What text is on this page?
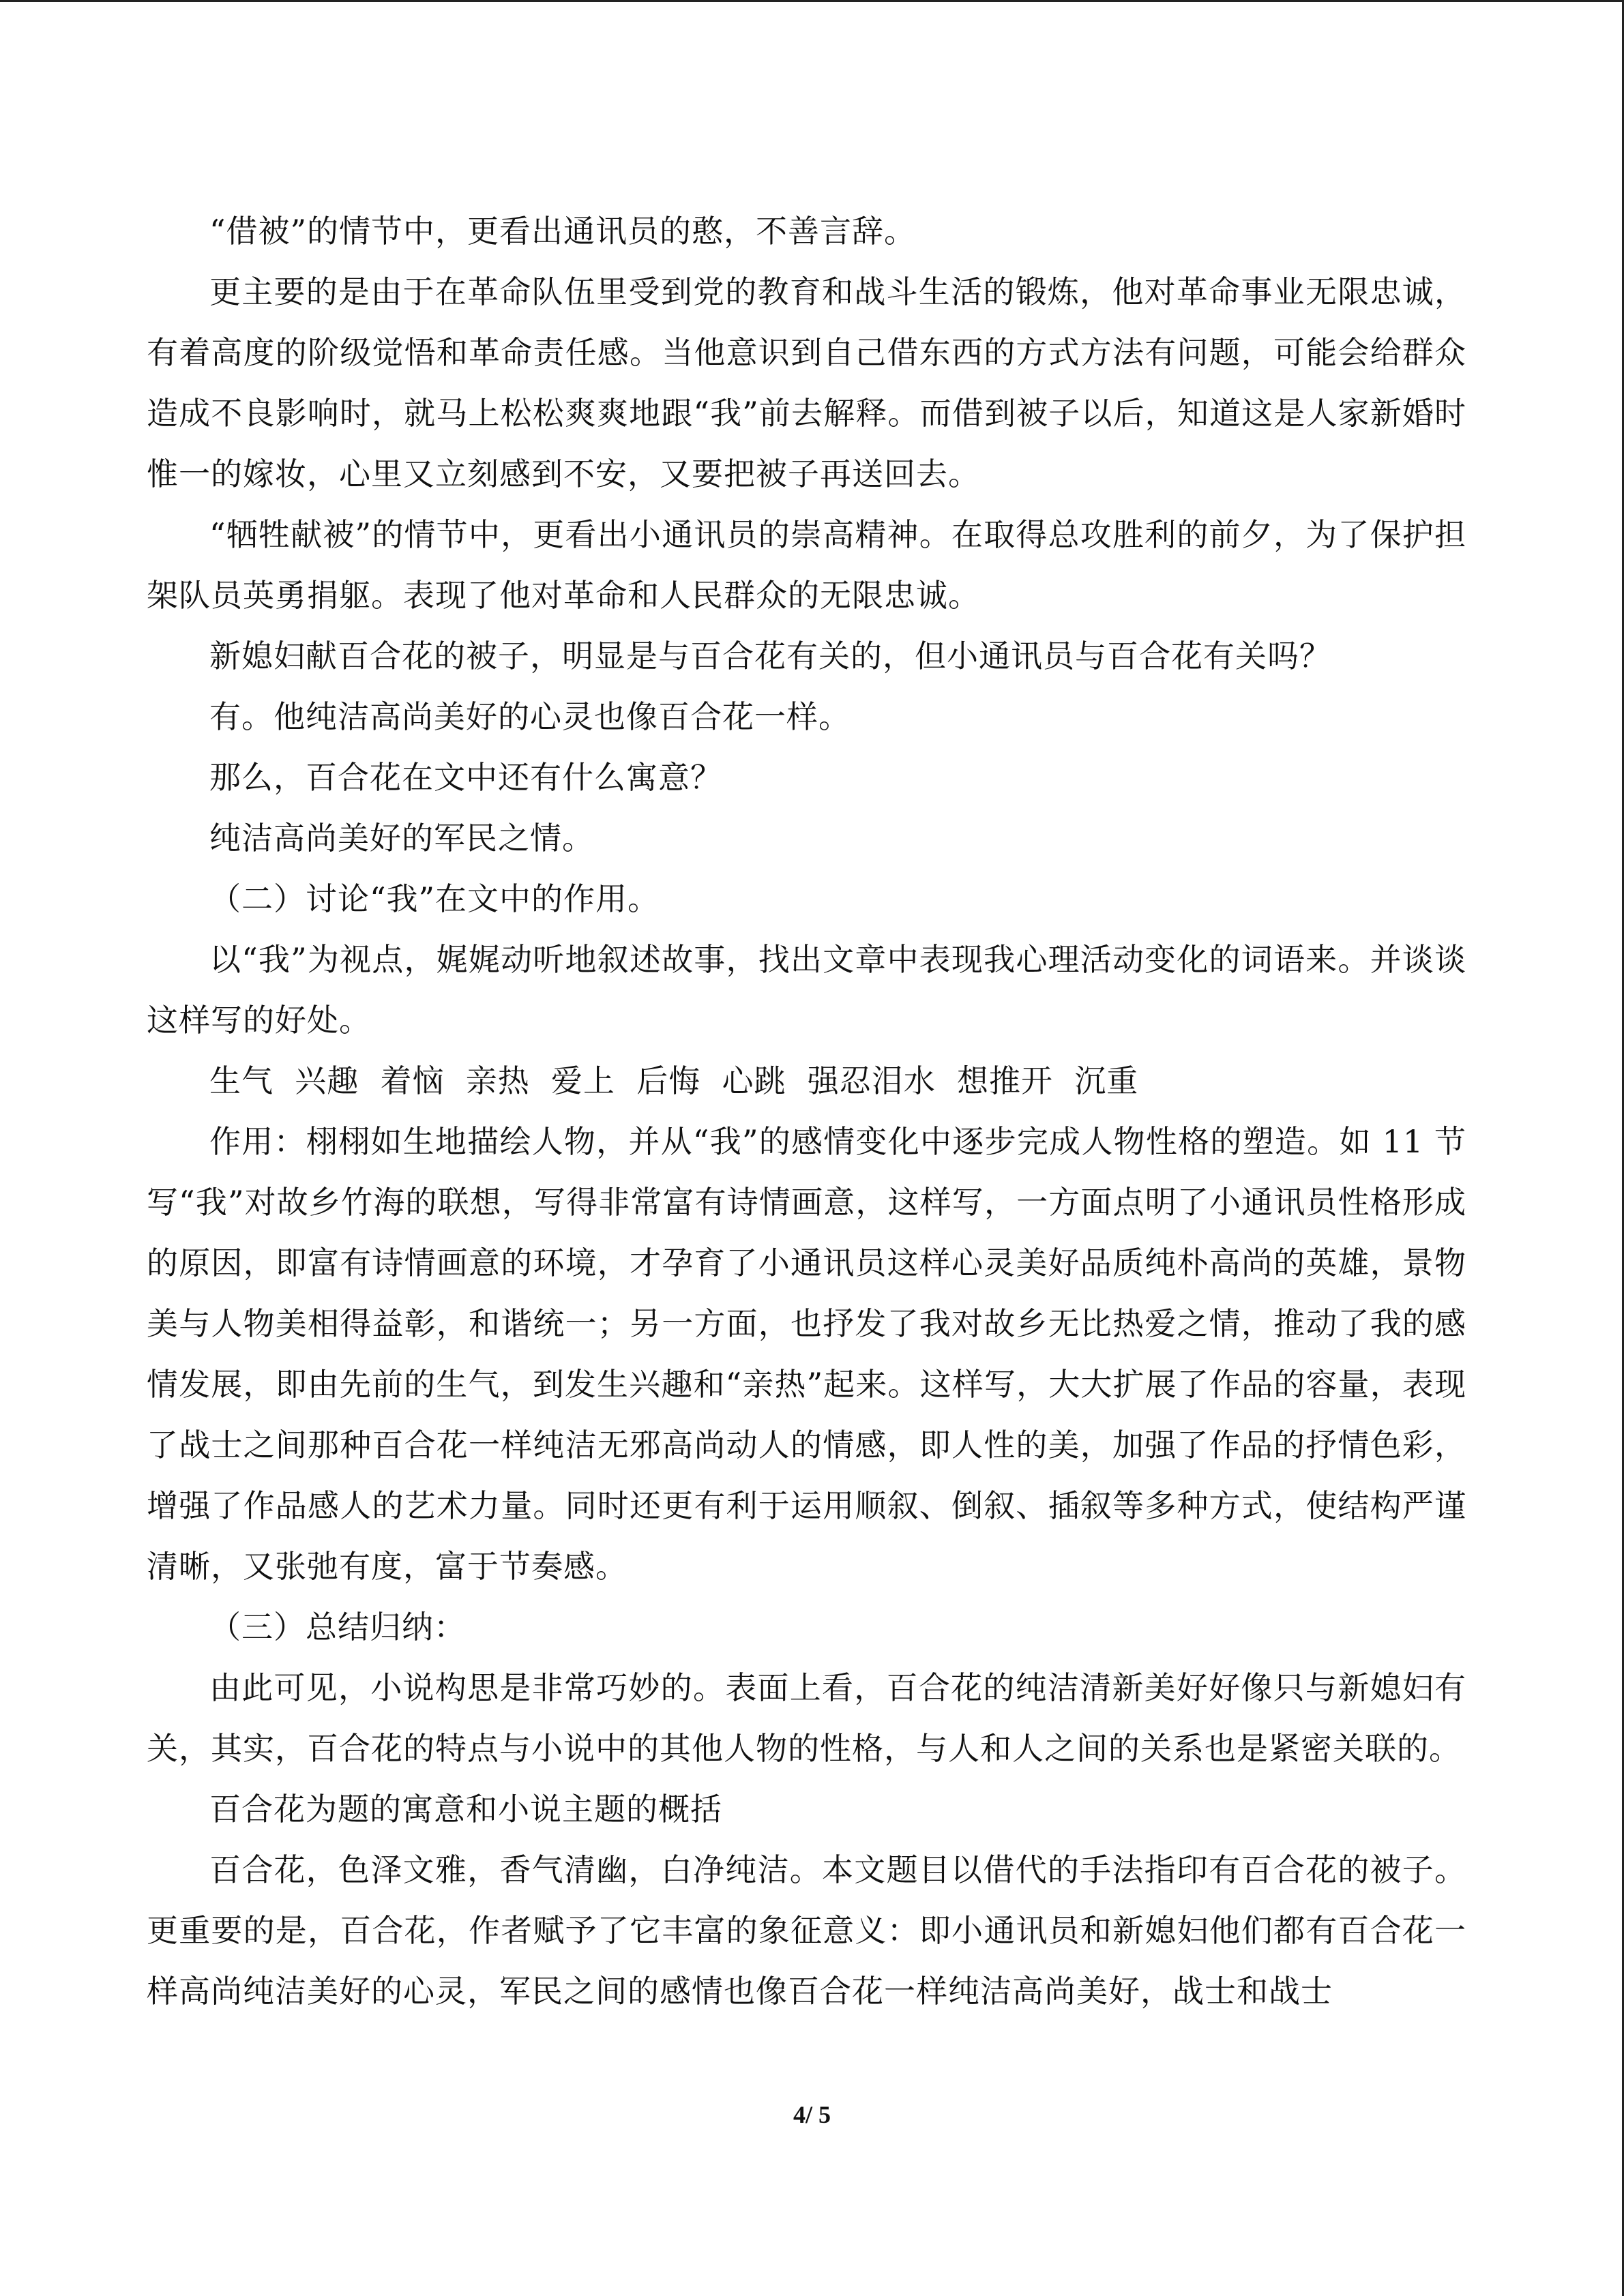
“借被”的情节中，更看出通讯员的憨，不善言辞。

更主要的是由于在革命队伍里受到党的教育和战斗生活的锻炼，他对革命事业无限忠诚，有着高度的阶级觉悟和革命责任感。当他意识到自己借东西的方式方法有问题，可能会给群众造成不良影响时，就马上松松爽爽地跟“我”前去解释。而借到被子以后，知道这是人家新婚时惟一的嫁妆，心里又立刻感到不安，又要把被子再送回去。

“牺牲献被”的情节中，更看出小通讯员的崇高精神。在取得总攻胜利的前夕，为了保护担架队员英勇捐躯。表现了他对革命和人民群众的无限忠诚。

新媳妇献百合花的被子，明显是与百合花有关的，但小通讯员与百合花有关吗？

有。他纯洁高尚美好的心灵也像百合花一样。

那么，百合花在文中还有什么寓意？

纯洁高尚美好的军民之情。

（二）讨论“我”在文中的作用。

以“我”为视点，娓娓动听地叙述故事，找出文章中表现我心理活动变化的词语来。并谈谈这样写的好处。

生气  兴趣  着恼  亲热  爱上  后悔  心跳  强忍泪水  想推开  沉重

作用：栩栩如生地描绘人物，并从“我”的感情变化中逐步完成人物性格的塑造。如 11 节写“我”对故乡竹海的联想，写得非常富有诗情画意，这样写，一方面点明了小通讯员性格形成的原因，即富有诗情画意的环境，才孕育了小通讯员这样心灵美好品质纯朴高尚的英雄，景物美与人物美相得益彰，和谐统一；另一方面，也抒发了我对故乡无比热爱之情，推动了我的感情发展，即由先前的生气，到发生兴趣和“亲热”起来。这样写，大大扩展了作品的容量，表现了战士之间那种百合花一样纯洁无邪高尚动人的情感，即人性的美，加强了作品的抒情色彩，增强了作品感人的艺术力量。同时还更有利于运用顺叙、倒叙、插叙等多种方式，使结构严谨清晰，又张弛有度，富于节奏感。

（三）总结归纳：

由此可见，小说构思是非常巧妙的。表面上看，百合花的纯洁清新美好好像只与新媳妇有关，其实，百合花的特点与小说中的其他人物的性格，与人和人之间的关系也是紧密关联的。

百合花为题的寓意和小说主题的概括

百合花，色泽文雅，香气清幽，白净纯洁。本文题目以借代的手法指印有百合花的被子。更重要的是，百合花，作者赋予了它丰富的象征意义：即小通讯员和新媳妇他们都有百合花一样高尚纯洁美好的心灵，军民之间的感情也像百合花一样纯洁高尚美好，战士和战士

4/ 5
